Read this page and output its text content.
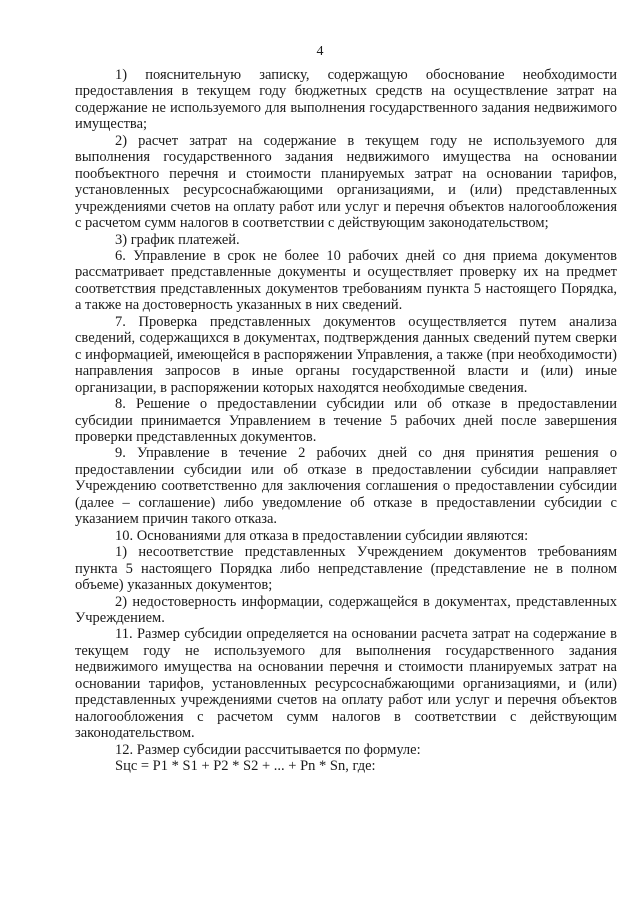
4

1) пояснительную записку, содержащую обоснование необходимости предоставления в текущем году бюджетных средств на осуществление затрат на содержание не используемого для выполнения государственного задания недвижимого имущества;

2) расчет затрат на содержание в текущем году не используемого для выполнения государственного задания недвижимого имущества на основании пообъектного перечня и стоимости планируемых затрат на основании тарифов, установленных ресурсоснабжающими организациями, и (или) представленных учреждениями счетов на оплату работ или услуг и перечня объектов налогообложения с расчетом сумм налогов в соответствии с действующим законодательством;

3) график платежей.

6. Управление в срок не более 10 рабочих дней со дня приема документов рассматривает представленные документы и осуществляет проверку их на предмет соответствия представленных документов требованиям пункта 5 настоящего Порядка, а также на достоверность указанных в них сведений.

7. Проверка представленных документов осуществляется путем анализа сведений, содержащихся в документах, подтверждения данных сведений путем сверки с информацией, имеющейся в распоряжении Управления, а также (при необходимости) направления запросов в иные органы государственной власти и (или) иные организации, в распоряжении которых находятся необходимые сведения.

8. Решение о предоставлении субсидии или об отказе в предоставлении субсидии принимается Управлением в течение 5 рабочих дней после завершения проверки представленных документов.

9. Управление в течение 2 рабочих дней со дня принятия решения о предоставлении субсидии или об отказе в предоставлении субсидии направляет Учреждению соответственно для заключения соглашения о предоставлении субсидии (далее – соглашение) либо уведомление об отказе в предоставлении субсидии с указанием причин такого отказа.

10. Основаниями для отказа в предоставлении субсидии являются:

1) несоответствие представленных Учреждением документов требованиям пункта 5 настоящего Порядка либо непредставление (представление не в полном объеме) указанных документов;

2) недостоверность информации, содержащейся в документах, представленных Учреждением.

11. Размер субсидии определяется на основании расчета затрат на содержание в текущем году не используемого для выполнения государственного задания недвижимого имущества на основании перечня и стоимости планируемых затрат на основании тарифов, установленных ресурсоснабжающими организациями, и (или) представленных учреждениями счетов на оплату работ или услуг и перечня объектов налогообложения с расчетом сумм налогов в соответствии с действующим законодательством.

12. Размер субсидии рассчитывается по формуле:

Sцс = P1 * S1 + P2 * S2 + ... + Pn * Sn, где:
